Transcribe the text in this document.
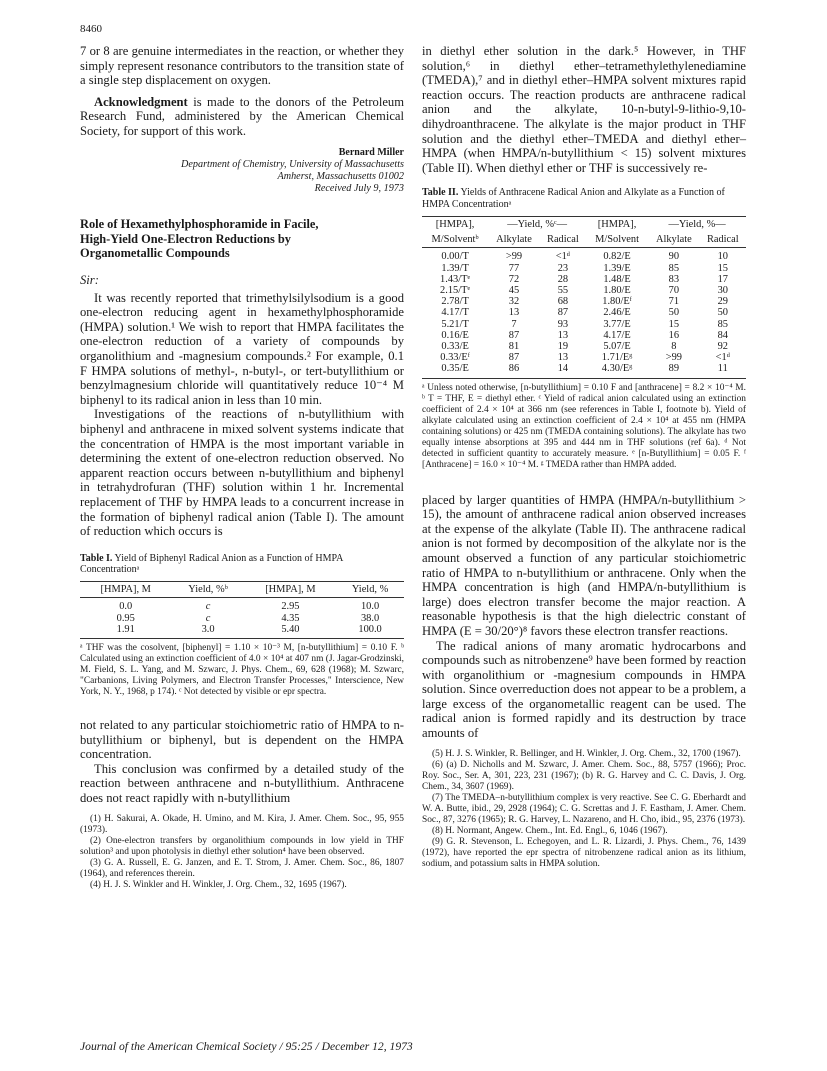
8460

7 or 8 are genuine intermediates in the reaction, or whether they simply represent resonance contributors to the transition state of a single step displacement on oxygen.

Acknowledgment is made to the donors of the Petroleum Research Fund, administered by the American Chemical Society, for support of this work.

Bernard Miller
Department of Chemistry, University of Massachusetts
Amherst, Massachusetts 01002
Received July 9, 1973
Role of Hexamethylphosphoramide in Facile,
High-Yield One-Electron Reductions by
Organometallic Compounds
Sir:

It was recently reported that trimethylsilylsodium is a good one-electron reducing agent in hexamethylphosphoramide (HMPA) solution.¹ We wish to report that HMPA facilitates the one-electron reduction of a variety of compounds by organolithium and -magnesium compounds.² For example, 0.1 F HMPA solutions of methyl-, n-butyl-, or tert-butyllithium or benzylmagnesium chloride will quantitatively reduce 10⁻⁴ M biphenyl to its radical anion in less than 10 min.

Investigations of the reactions of n-butyllithium with biphenyl and anthracene in mixed solvent systems indicate that the concentration of HMPA is the most important variable in determining the extent of one-electron reduction observed. No apparent reaction occurs between n-butyllithium and biphenyl in tetrahydrofuran (THF) solution within 1 hr. Incremental replacement of THF by HMPA leads to a concurrent increase in the formation of biphenyl radical anion (Table I). The amount of reduction which occurs is

Table I. Yield of Biphenyl Radical Anion as a Function of HMPA Concentrationᵃ
[HMPA], M	Yield, %ᵇ	[HMPA], M	Yield, %
0.0	c	2.95	10.0
0.95	c	4.35	38.0
1.91	3.0	5.40	100.0
ᵃ THF was the cosolvent, [biphenyl] = 1.10 × 10⁻³ M, [n-butyllithium] = 0.10 F. ᵇ Calculated using an extinction coefficient of 4.0 × 10⁴ at 407 nm (J. Jagar-Grodzinski, M. Field, S. L. Yang, and M. Szwarc, J. Phys. Chem., 69, 628 (1968); M. Szwarc, "Carbanions, Living Polymers, and Electron Transfer Processes," Interscience, New York, N. Y., 1968, p 174). ᶜ Not detected by visible or epr spectra.

not related to any particular stoichiometric ratio of HMPA to n-butyllithium or biphenyl, but is dependent on the HMPA concentration.

This conclusion was confirmed by a detailed study of the reaction between anthracene and n-butyllithium. Anthracene does not react rapidly with n-butyllithium

(1) H. Sakurai, A. Okade, H. Umino, and M. Kira, J. Amer. Chem. Soc., 95, 955 (1973).
(2) One-electron transfers by organolithium compounds in low yield in THF solution³ and upon photolysis in diethyl ether solution⁴ have been observed.
(3) G. A. Russell, E. G. Janzen, and E. T. Strom, J. Amer. Chem. Soc., 86, 1807 (1964), and references therein.
(4) H. J. S. Winkler and H. Winkler, J. Org. Chem., 32, 1695 (1967).

in diethyl ether solution in the dark.⁵ However, in THF solution,⁶ in diethyl ether–tetramethylethylenediamine (TMEDA),⁷ and in diethyl ether–HMPA solvent mixtures rapid reaction occurs. The reaction products are anthracene radical anion and the alkylate, 10-n-butyl-9-lithio-9,10-dihydroanthracene. The alkylate is the major product in THF solution and the diethyl ether–TMEDA and diethyl ether–HMPA (when HMPA/n-butyllithium < 15) solvent mixtures (Table II). When diethyl ether or THF is successively re-

Table II. Yields of Anthracene Radical Anion and Alkylate as a Function of HMPA Concentrationᵃ
[HMPA],	—Yield, %ᶜ—		[HMPA],	—Yield, %—	
M/Solventᵇ	Alkylate	Radical	M/Solvent	Alkylate	Radical
0.00/T	>99	<1ᵈ	0.82/E	90	10
1.39/T	77	23	1.39/E	85	15
1.43/Tᵉ	72	28	1.48/E	83	17
2.15/Tᵉ	45	55	1.80/E	70	30
2.78/T	32	68	1.80/Eᶠ	71	29
4.17/T	13	87	2.46/E	50	50
5.21/T	7	93	3.77/E	15	85
0.16/E	87	13	4.17/E	16	84
0.33/E	81	19	5.07/E	8	92
0.33/Eᶠ	87	13	1.71/Eᵍ	>99	<1ᵈ
0.35/E	86	14	4.30/Eᵍ	89	11
ᵃ Unless noted otherwise, [n-butyllithium] = 0.10 F and [anthracene] = 8.2 × 10⁻⁴ M. ᵇ T = THF, E = diethyl ether. ᶜ Yield of radical anion calculated using an extinction coefficient of 2.4 × 10⁴ at 366 nm (see references in Table I, footnote b). Yield of alkylate calculated using an extinction coefficient of 2.4 × 10⁴ at 455 nm (HMPA containing solutions) or 425 nm (TMEDA containing solutions). The alkylate has two equally intense absorptions at 395 and 444 nm in THF solutions (ref 6a). ᵈ Not detected in sufficient quantity to accurately measure. ᵉ [n-Butyllithium] = 0.05 F. ᶠ [Anthracene] = 16.0 × 10⁻⁴ M. ᵍ TMEDA rather than HMPA added.

placed by larger quantities of HMPA (HMPA/n-butyllithium > 15), the amount of anthracene radical anion observed increases at the expense of the alkylate (Table II). The anthracene radical anion is not formed by decomposition of the alkylate nor is the amount observed a function of any particular stoichiometric ratio of HMPA to n-butyllithium or anthracene. Only when the HMPA concentration is high (and HMPA/n-butyllithium is large) does electron transfer become the major reaction. A reasonable hypothesis is that the high dielectric constant of HMPA (E = 30/20°)⁸ favors these electron transfer reactions.

The radical anions of many aromatic hydrocarbons and compounds such as nitrobenzene⁹ have been formed by reaction with organolithium or -magnesium compounds in HMPA solution. Since overreduction does not appear to be a problem, a large excess of the organometallic reagent can be used. The radical anion is formed rapidly and its destruction by trace amounts of

(5) H. J. S. Winkler, R. Bellinger, and H. Winkler, J. Org. Chem., 32, 1700 (1967).
(6) (a) D. Nicholls and M. Szwarc, J. Amer. Chem. Soc., 88, 5757 (1966); Proc. Roy. Soc., Ser. A, 301, 223, 231 (1967); (b) R. G. Harvey and C. C. Davis, J. Org. Chem., 34, 3607 (1969).
(7) The TMEDA–n-butyllithium complex is very reactive. See C. G. Eberhardt and W. A. Butte, ibid., 29, 2928 (1964); C. G. Screttas and J. F. Eastham, J. Amer. Chem. Soc., 87, 3276 (1965); R. G. Harvey, L. Nazareno, and H. Cho, ibid., 95, 2376 (1973).
(8) H. Normant, Angew. Chem., Int. Ed. Engl., 6, 1046 (1967).
(9) G. R. Stevenson, L. Echegoyen, and L. R. Lizardi, J. Phys. Chem., 76, 1439 (1972), have reported the epr spectra of nitrobenzene radical anion as its lithium, sodium, and potassium salts in HMPA solution.
Journal of the American Chemical Society / 95:25 / December 12, 1973
